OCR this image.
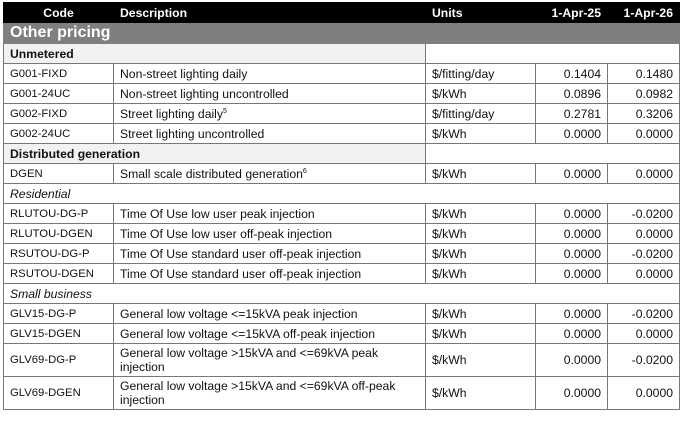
Code	Description	Units	1-Apr-25	1-Apr-26
Other pricing				
Unmetered				
G001-FIXD	Non-street lighting daily	$/fitting/day	0.1404	0.1480
G001-24UC	Non-street lighting uncontrolled	$/kWh	0.0896	0.0982
G002-FIXD	Street lighting daily$^5$	$/fitting/day	0.2781	0.3206
G002-24UC	Street lighting uncontrolled	$/kWh	0.0000	0.0000
Distributed generation				
DGEN	Small scale distributed generation$^6$	$/kWh	0.0000	0.0000
Residential				
RLUTOU-DG-P	Time Of Use low user peak injection	$/kWh	0.0000	-0.0200
RLUTOU-DGEN	Time Of Use low user off-peak injection	$/kWh	0.0000	0.0000
RSUTOU-DG-P	Time Of Use standard user off-peak injection	$/kWh	0.0000	-0.0200
RSUTOU-DGEN	Time Of Use standard user off-peak injection	$/kWh	0.0000	0.0000
Small business				
GLV15-DG-P	General low voltage <=15kVA peak injection	$/kWh	0.0000	-0.0200
GLV15-DGEN	General low voltage <=15kVA off-peak injection	$/kWh	0.0000	0.0000
GLV69-DG-P	General low voltage >15kVA and <=69kVA peak injection	$/kWh	0.0000	-0.0200
GLV69-DGEN	General low voltage >15kVA and <=69kVA off-peak injection	$/kWh	0.0000	0.0000
